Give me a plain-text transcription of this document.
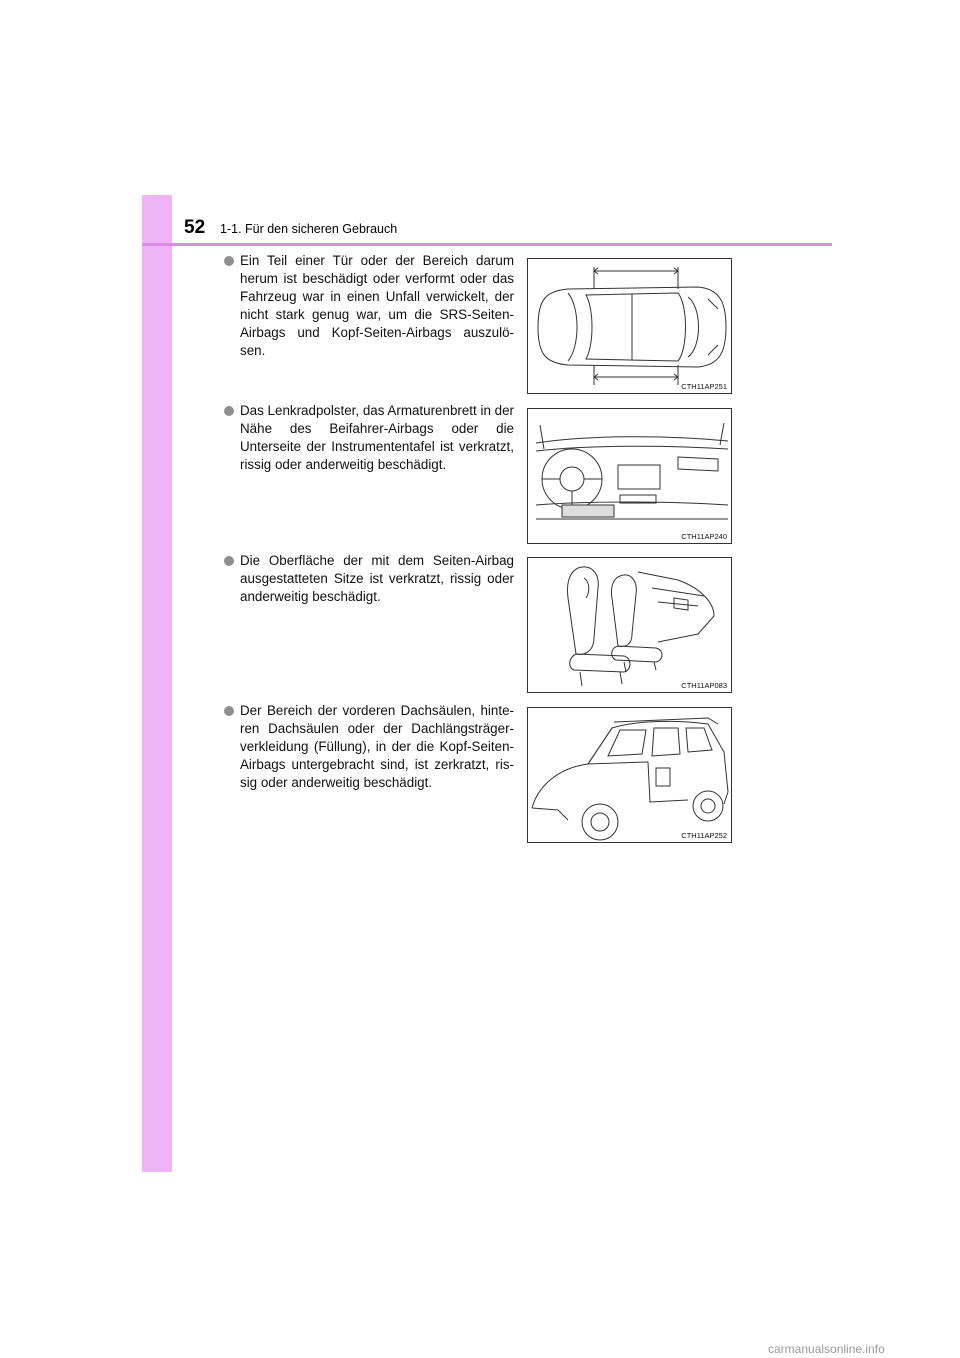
52 1-1. Für den sicheren Gebrauch
Ein Teil einer Tür oder der Bereich darum herum ist beschädigt oder verformt oder das Fahrzeug war in einen Unfall verwickelt, der nicht stark genug war, um die SRS-Seiten-Airbags und Kopf-Seiten-Airbags auszulö-sen.
CTH11AP251
Das Lenkradpolster, das Armaturenbrett in der Nähe des Beifahrer-Airbags oder die Unterseite der Instrumententafel ist verkratzt, rissig oder anderweitig beschädigt.
CTH11AP240
Die Oberfläche der mit dem Seiten-Airbag ausgestatteten Sitze ist verkratzt, rissig oder anderweitig beschädigt.
CTH11AP083
Der Bereich der vorderen Dachsäulen, hinte-ren Dachsäulen oder der Dachlängsträger-verkleidung (Füllung), in der die Kopf-Seiten-Airbags untergebracht sind, ist zerkratzt, ris-sig oder anderweitig beschädigt.
CTH11AP252
carmanualsonline.info
